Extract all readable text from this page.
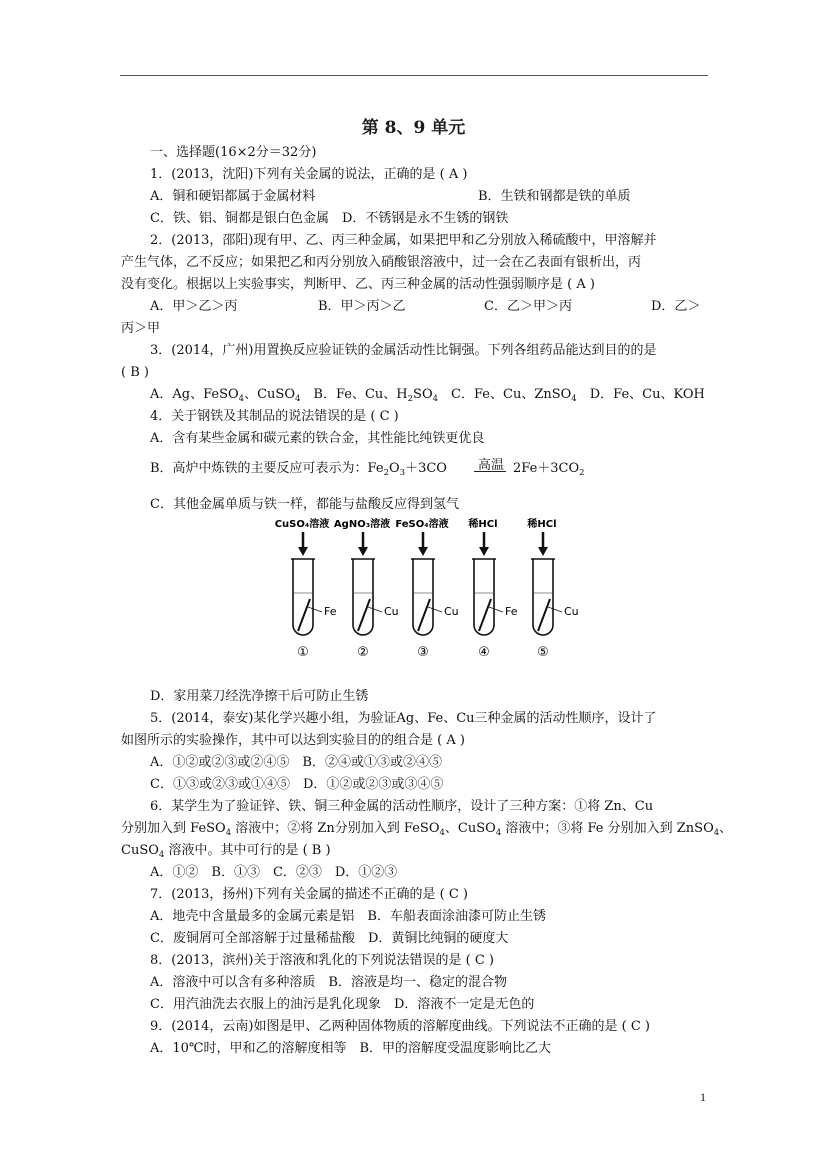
第 8、9 单元
一、选择题(16×2分＝32分)
1．(2013，沈阳)下列有关金属的说法，正确的是 ( A )
A．铜和硬铝都属于金属材料	B．生铁和钢都是铁的单质
C．铁、铝、铜都是银白色金属　D．不锈钢是永不生锈的钢铁
2．(2013，邵阳)现有甲、乙、丙三种金属，如果把甲和乙分别放入稀硫酸中，甲溶解并
产生气体，乙不反应；如果把乙和丙分别放入硝酸银溶液中，过一会在乙表面有银析出，丙
没有变化。根据以上实验事实，判断甲、乙、丙三种金属的活动性强弱顺序是 ( A )
A．甲＞乙＞丙	B．甲＞丙＞乙	C．乙＞甲＞丙	D．乙＞
丙＞甲
3．(2014，广州)用置换反应验证铁的金属活动性比铜强。下列各组药品能达到目的的是
( B )
4．关于钢铁及其制品的说法错误的是 ( C )
A．含有某些金属和碳元素的铁合金，其性能比纯铁更优良
C．其他金属单质与铁一样，都能与盐酸反应得到氢气
D．家用菜刀经洗净擦干后可防止生锈
5．(2014，泰安)某化学兴趣小组，为验证Ag、Fe、Cu三种金属的活动性顺序，设计了
如图所示的实验操作，其中可以达到实验目的的组合是 ( A )
A．①②或②③或②④⑤　B．②④或①③或②④⑤
C．①③或②③或①④⑤　D．①②或②③或③④⑤
6．某学生为了验证锌、铁、铜三种金属的活动性顺序，设计了三种方案：①将 Zn、Cu
A．①②　B．①③　C．②③　D．①②③
7．(2013，扬州)下列有关金属的描述不正确的是 ( C )
A．地壳中含量最多的金属元素是铝　B．车船表面涂油漆可防止生锈
C．废铜屑可全部溶解于过量稀盐酸　D．黄铜比纯铜的硬度大
8．(2013，滨州)关于溶液和乳化的下列说法错误的是 ( C )
A．溶液中可以含有多种溶质　B．溶液是均一、稳定的混合物
C．用汽油洗去衣服上的油污是乳化现象　D．溶液不一定是无色的
9．(2014，云南)如图是甲、乙两种固体物质的溶解度曲线。下列说法不正确的是 ( C )
A．10℃时，甲和乙的溶解度相等　B．甲的溶解度受温度影响比乙大
A．Ag、FeSO$_4$、CuSO$_4$　B．Fe、Cu、$H_2SO_4$　C．Fe、Cu、ZnSO$_4$　D．Fe、Cu、KOH
B．高炉中炼铁的主要反应可表示为：$Fe_2O_3+3CO$ 高温 $2Fe+3CO_2$
分别加入到 FeSO$_4$ 溶液中；②将 Zn分别加入到 FeSO$_4$、CuSO$_4$ 溶液中；③将 Fe 分别加入到 ZnSO$_4$、
CuSO$_4$ 溶液中。其中可行的是 ( B )
CuSO₄溶液
Fe
①
AgNO₃溶液
Cu
②
FeSO₄溶液
Cu
③
稀HCl
Fe
④
稀HCl
Cu
⑤
1
